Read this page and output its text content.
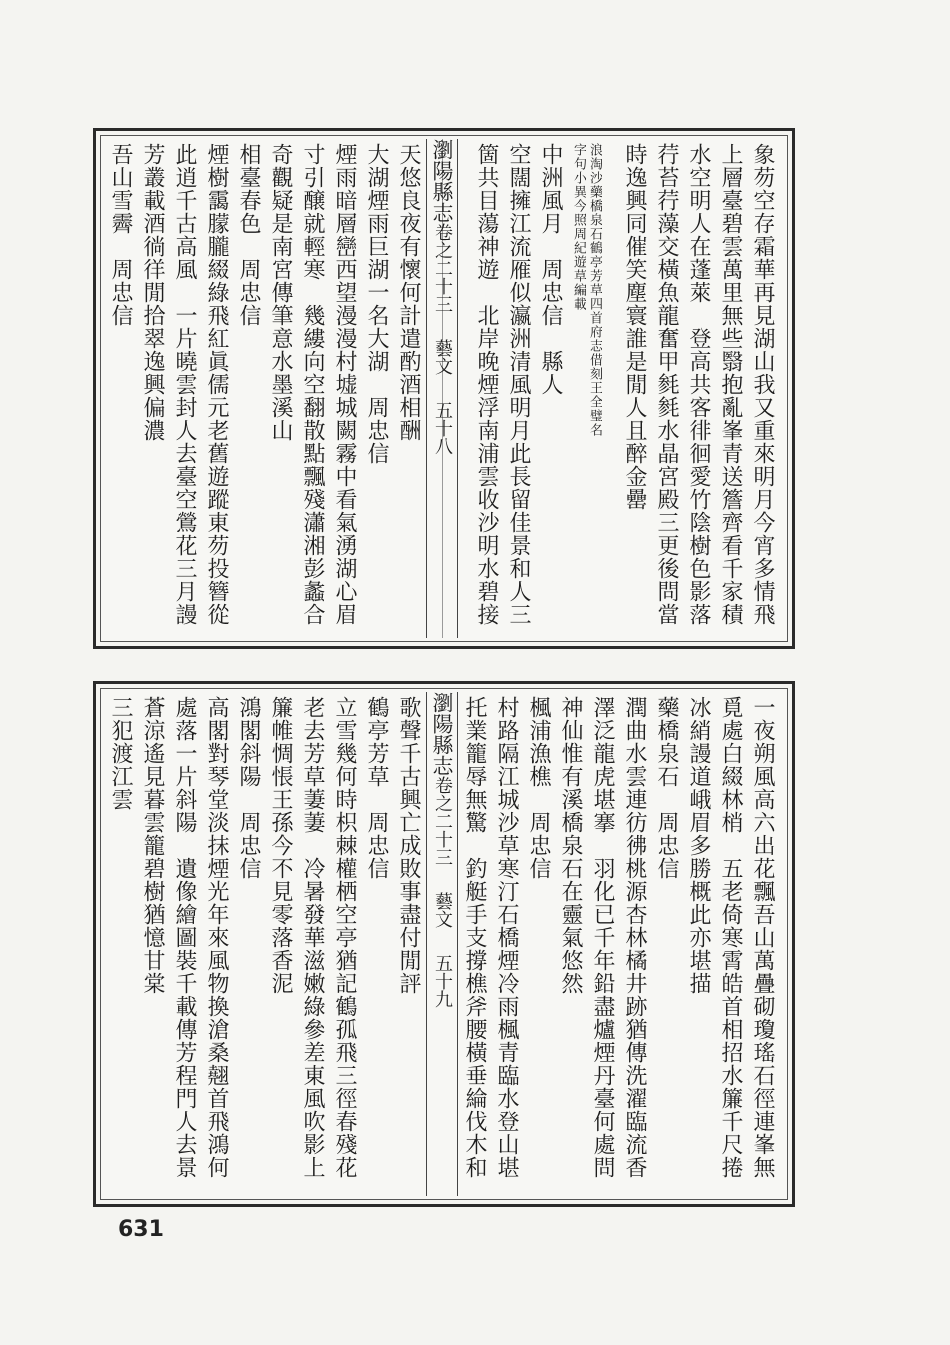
瀏陽縣志卷之二十三藝文五十八	象芴空存霜華再見湖山我又重來明月今宵多情飛
上層臺碧雲萬里無些翳抱亂峯青送簷齊看千家積
水空明人在蓬萊　登高共客徘徊愛竹陰樹色影落
荇苔荇藻交橫魚龍奮甲毵毵水晶宮殿三更後問當
時逸興同催笑塵寰誰是閒人且醉金罍
浪淘沙藥橋泉石鶴亭芳草四首府志借刻王全璧名
字句小異今照周紀遊草編載
中洲風月　周忠信　縣人
空闊擁江流雁似瀛洲清風明月此長留佳景和人三
箇共目蕩神遊　北岸晚煙浮南浦雲收沙明水碧接
天悠良夜有懷何計遣酌酒相酬
大湖煙雨巨湖一名大湖　周忠信
煙雨暗層巒西望漫漫村墟城闕霧中看氣湧湖心眉
寸引醸就輕寒　幾縷向空翻散點飄殘瀟湘彭蠡合
奇觀疑是南宮傳筆意水墨溪山
相臺春色　周忠信
煙樹靄朦朧綴綠飛紅眞儒元老舊遊蹤東芴投簪從
此逍千古高風　一片曉雲封人去臺空鶯花三月謾
芳叢載酒徜徉閒拾翠逸興偏濃
吾山雪霽　周忠信
瀏陽縣志卷之二十三藝文五十九	一夜朔風高六出花飄吾山萬疊砌瓊瑤石徑連峯無
覓處白綴林梢　五老倚寒霄皓首相招水簾千尺捲
冰綃謾道峨眉多勝概此亦堪描
藥橋泉石　周忠信
潤曲水雲連彷彿桃源杏林橘井跡猶傳洗濯臨流香
澤泛龍虎堪搴　羽化已千年鉛盡爐煙丹臺何處問
神仙惟有溪橋泉石在靈氣悠然
楓浦漁樵　周忠信
村路隔江城沙草寒汀石橋煙冷雨楓青臨水登山堪
托業籠辱無驚　釣艇手支撐樵斧腰橫垂綸伐木和
歌聲千古興亡成敗事盡付閒評
鶴亭芳草　周忠信
立雪幾何時枳棘權栖空亭猶記鶴孤飛三徑春殘花
老去芳草萋萋　冷暑發華滋嫩綠參差東風吹影上
簾帷惆悵王孫今不見零落香泥
鴻閣斜陽　周忠信
高閣對琴堂淡抹煙光年來風物換滄桑翹首飛鴻何
處落一片斜陽　遺像繪圖裝千載傳芳程門人去景
蒼涼遙見暮雲籠碧樹猶憶甘棠
三犯渡江雲
631
